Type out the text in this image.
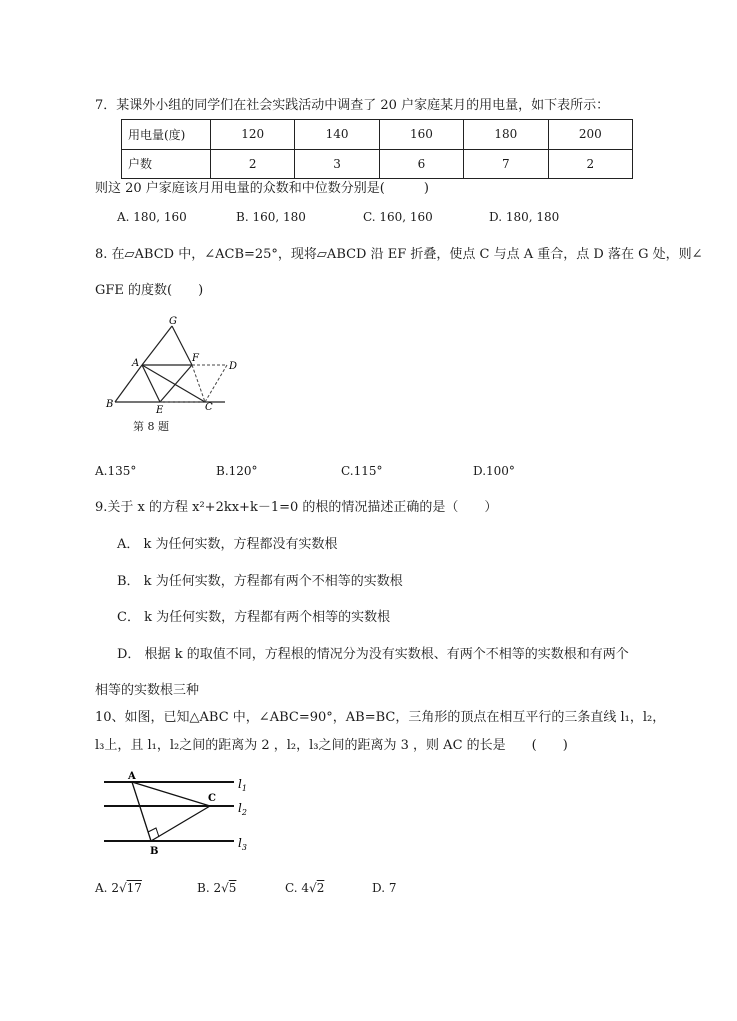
7．某课外小组的同学们在社会实践活动中调查了 20 户家庭某月的用电量，如下表所示：
用电量(度)	120	140	160	180	200
户数	2	3	6	7	2
则这 20 户家庭该月用电量的众数和中位数分别是(　　　)
A. 180, 160	B. 160, 180	C. 160, 160	D. 180, 180
8. 在▱ABCD 中，∠ACB=25°，现将▱ABCD 沿 EF 折叠，使点 C 与点 A 重合，点 D 落在 G 处，则∠
GFE 的度数(　　)
G
A	F
D
B
E	C
第 8 题
A.135°	B.120°	C.115°	D.100°
9.关于 x 的方程 x²+2kx+k－1=0 的根的情况描述正确的是（　　）
A． k 为任何实数，方程都没有实数根
B． k 为任何实数，方程都有两个不相等的实数根
C． k 为任何实数，方程都有两个相等的实数根
D． 根据 k 的取值不同，方程根的情况分为没有实数根、有两个不相等的实数根和有两个
相等的实数根三种
10、如图，已知△ABC 中，∠ABC=90°，AB=BC，三角形的顶点在相互平行的三条直线 l₁，l₂，
l₃上，且 l₁，l₂之间的距离为 2 ，l₂，l₃之间的距离为 3 ，则 AC 的长是　　(　　)
A
C
B
$l_1$
$l_2$
$l_3$
A. 2√17	B. 2√5	C. 4√2	D. 7
